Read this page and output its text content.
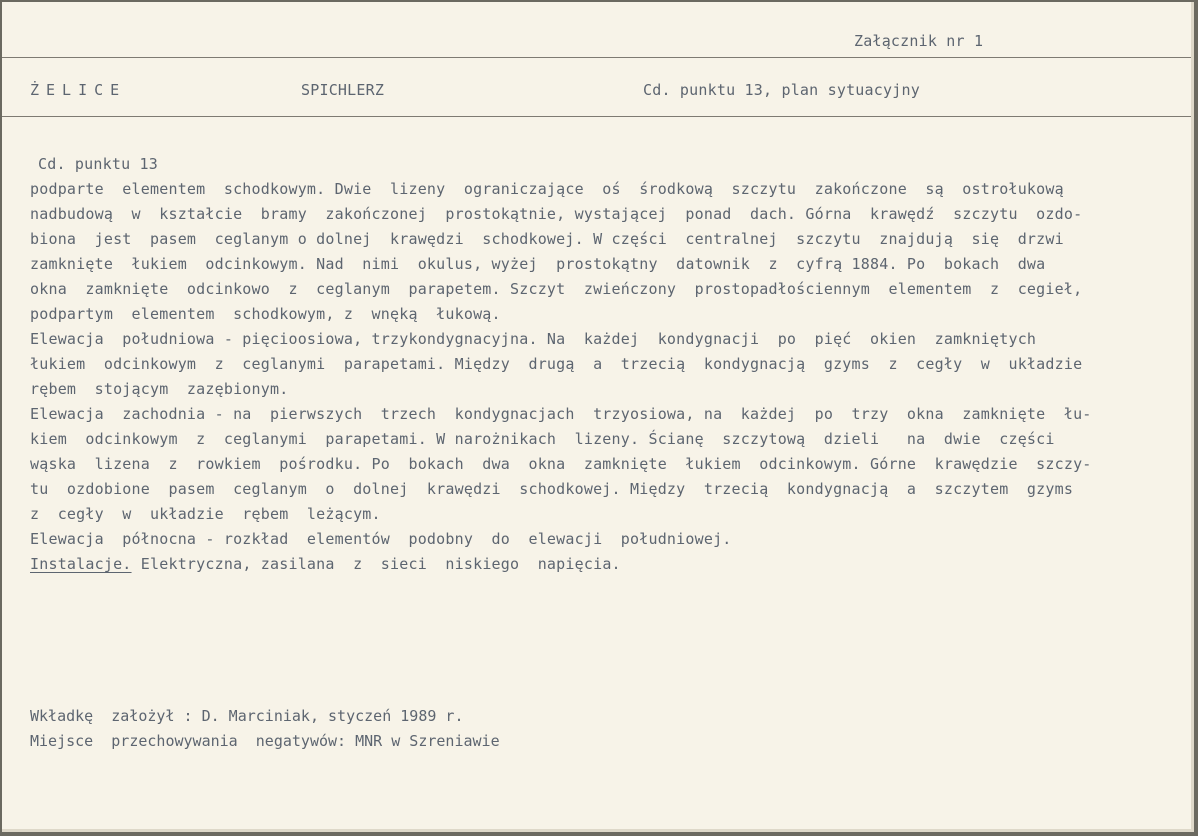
Załącznik nr 1
ŻELICE	SPICHLERZ	Cd. punktu 13, plan sytuacyjny
Cd. punktu 13
podparte  elementem  schodkowym. Dwie  lizeny  ograniczające  oś  środkową  szczytu  zakończone  są  ostrołukową
nadbudową  w  kształcie  bramy  zakończonej  prostokątnie, wystającej  ponad  dach. Górna  krawędź  szczytu  ozdo-
biona  jest  pasem  ceglanym o dolnej  krawędzi  schodkowej. W części  centralnej  szczytu  znajdują  się  drzwi
zamknięte  łukiem  odcinkowym. Nad  nimi  okulus, wyżej  prostokątny  datownik  z  cyfrą 1884. Po  bokach  dwa
okna  zamknięte  odcinkowo  z  ceglanym  parapetem. Szczyt  zwieńczony  prostopadłościennym  elementem  z  cegieł,
podpartym  elementem  schodkowym, z  wnęką  łukową.
Elewacja  południowa - pięcioosiowa, trzykondygnacyjna. Na  każdej  kondygnacji  po  pięć  okien  zamkniętych
łukiem  odcinkowym  z  ceglanymi  parapetami. Między  drugą  a  trzecią  kondygnacją  gzyms  z  cegły  w  układzie
rębem  stojącym  zazębionym.
Elewacja  zachodnia - na  pierwszych  trzech  kondygnacjach  trzyosiowa, na  każdej  po  trzy  okna  zamknięte  łu-
kiem  odcinkowym  z  ceglanymi  parapetami. W narożnikach  lizeny. Ścianę  szczytową  dzieli   na  dwie  części
wąska  lizena  z  rowkiem  pośrodku. Po  bokach  dwa  okna  zamknięte  łukiem  odcinkowym. Górne  krawędzie  szczy-
tu  ozdobione  pasem  ceglanym  o  dolnej  krawędzi  schodkowej. Między  trzecią  kondygnacją  a  szczytem  gzyms
z  cegły  w  układzie  rębem  leżącym.
Elewacja  północna - rozkład  elementów  podobny  do  elewacji  południowej.
Instalacje. Elektryczna, zasilana  z  sieci  niskiego  napięcia.
Wkładkę  założył : D. Marciniak, styczeń 1989 r.
Miejsce  przechowywania  negatywów: MNR w Szreniawie
